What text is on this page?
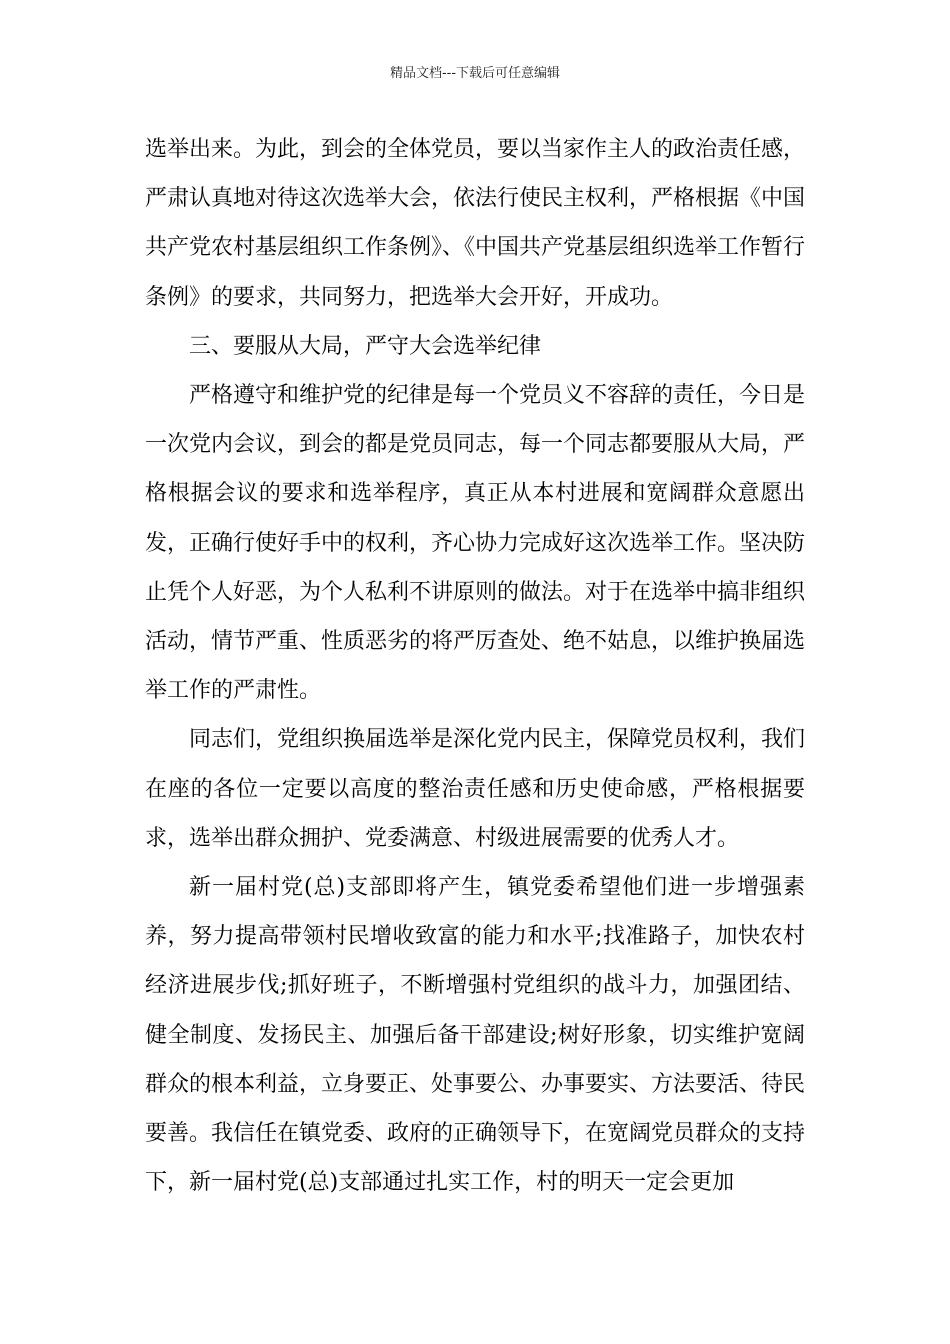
精品文档---下载后可任意编辑

选举出来。为此，到会的全体党员，要以当家作主人的政治责任感，严肃认真地对待这次选举大会，依法行使民主权利，严格根据《中国共产党农村基层组织工作条例》、《中国共产党基层组织选举工作暂行条例》的要求，共同努力，把选举大会开好，开成功。

三、要服从大局，严守大会选举纪律

严格遵守和维护党的纪律是每一个党员义不容辞的责任，今日是一次党内会议，到会的都是党员同志，每一个同志都要服从大局，严格根据会议的要求和选举程序，真正从本村进展和宽阔群众意愿出发，正确行使好手中的权利，齐心协力完成好这次选举工作。坚决防止凭个人好恶，为个人私利不讲原则的做法。对于在选举中搞非组织活动，情节严重、性质恶劣的将严厉查处、绝不姑息，以维护换届选举工作的严肃性。

同志们，党组织换届选举是深化党内民主，保障党员权利，我们在座的各位一定要以高度的整治责任感和历史使命感，严格根据要求，选举出群众拥护、党委满意、村级进展需要的优秀人才。

新一届村党(总)支部即将产生，镇党委希望他们进一步增强素养，努力提高带领村民增收致富的能力和水平;找准路子，加快农村经济进展步伐;抓好班子，不断增强村党组织的战斗力，加强团结、健全制度、发扬民主、加强后备干部建设;树好形象，切实维护宽阔群众的根本利益，立身要正、处事要公、办事要实、方法要活、待民要善。我信任在镇党委、政府的正确领导下，在宽阔党员群众的支持下，新一届村党(总)支部通过扎实工作，村的明天一定会更加
